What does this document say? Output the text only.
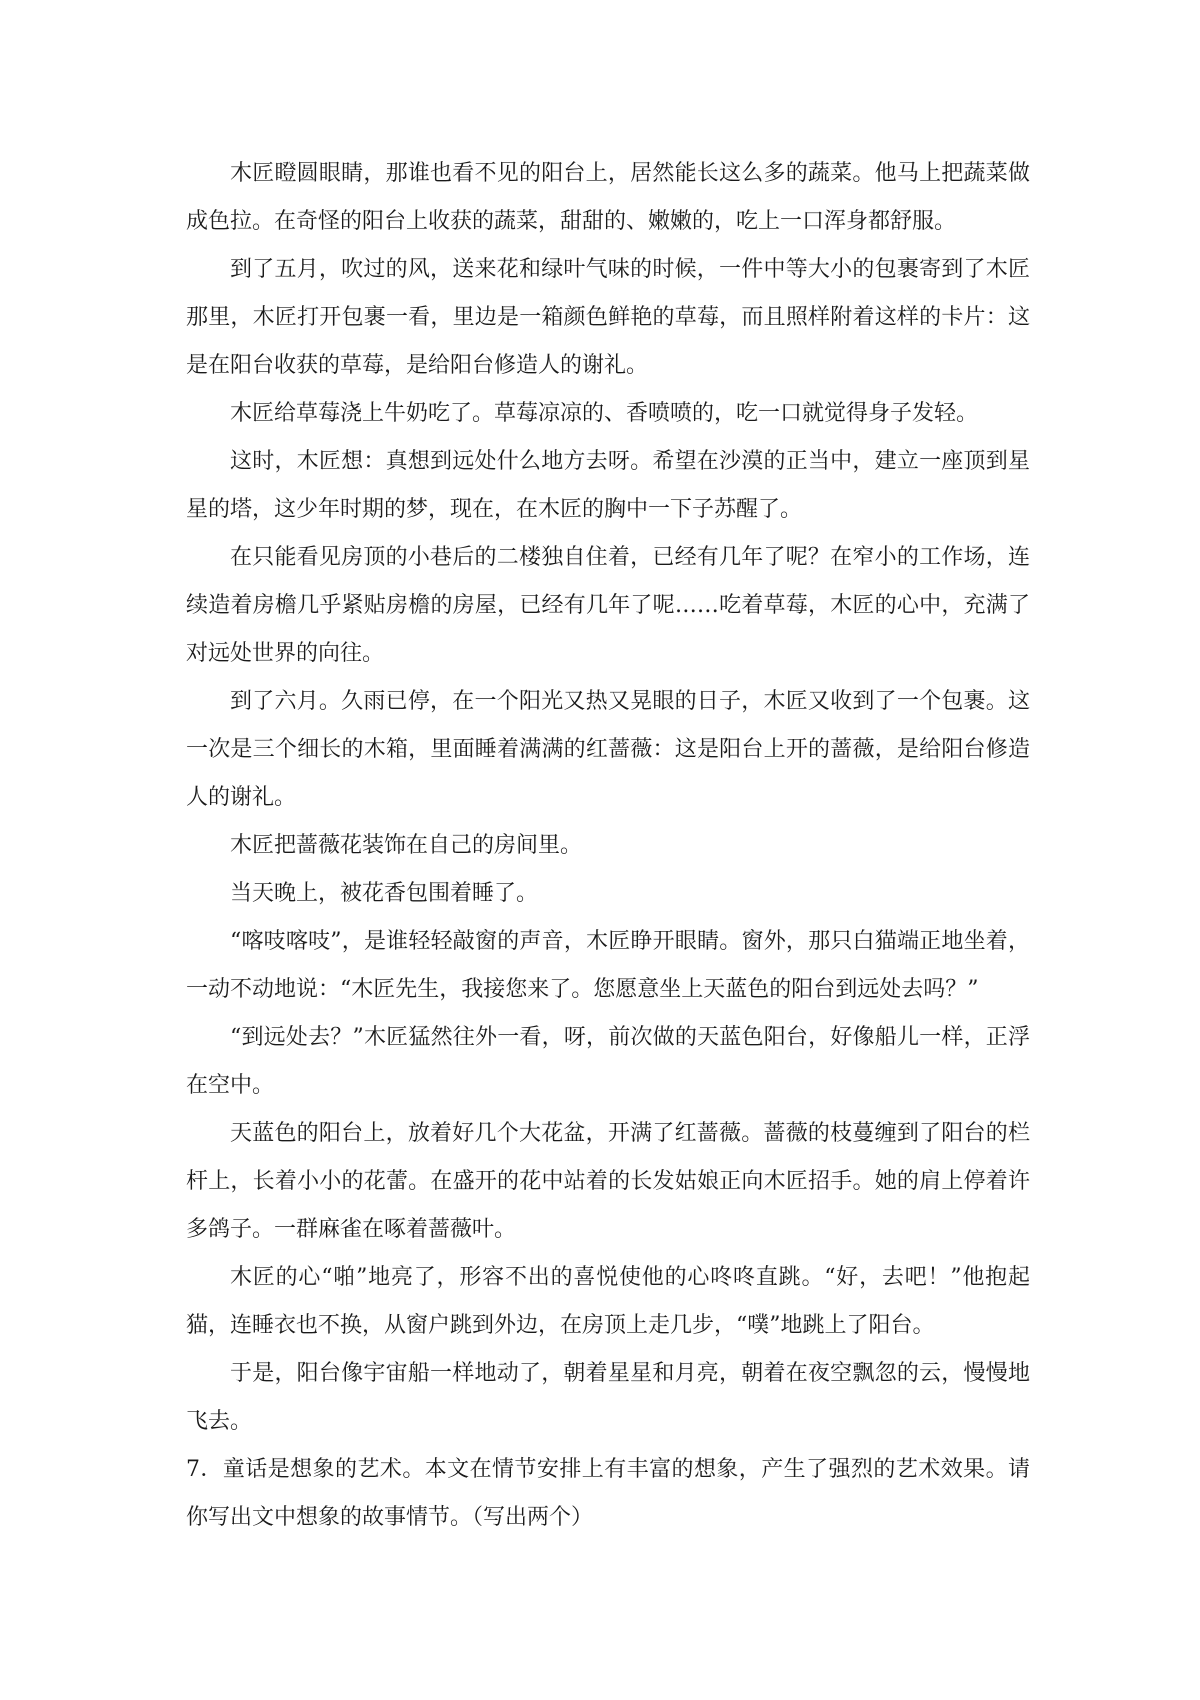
木匠瞪圆眼睛，那谁也看不见的阳台上，居然能长这么多的蔬菜。他马上把蔬菜做成色拉。在奇怪的阳台上收获的蔬菜，甜甜的、嫩嫩的，吃上一口浑身都舒服。

到了五月，吹过的风，送来花和绿叶气味的时候，一件中等大小的包裹寄到了木匠那里，木匠打开包裹一看，里边是一箱颜色鲜艳的草莓，而且照样附着这样的卡片：这是在阳台收获的草莓，是给阳台修造人的谢礼。

木匠给草莓浇上牛奶吃了。草莓凉凉的、香喷喷的，吃一口就觉得身子发轻。

这时，木匠想：真想到远处什么地方去呀。希望在沙漠的正当中，建立一座顶到星星的塔，这少年时期的梦，现在，在木匠的胸中一下子苏醒了。

在只能看见房顶的小巷后的二楼独自住着，已经有几年了呢？在窄小的工作场，连续造着房檐几乎紧贴房檐的房屋，已经有几年了呢……吃着草莓，木匠的心中，充满了对远处世界的向往。

到了六月。久雨已停，在一个阳光又热又晃眼的日子，木匠又收到了一个包裹。这一次是三个细长的木箱，里面睡着满满的红蔷薇：这是阳台上开的蔷薇，是给阳台修造人的谢礼。

木匠把蔷薇花装饰在自己的房间里。

当天晚上，被花香包围着睡了。

“喀吱喀吱”，是谁轻轻敲窗的声音，木匠睁开眼睛。窗外，那只白猫端正地坐着，一动不动地说：“木匠先生，我接您来了。您愿意坐上天蓝色的阳台到远处去吗？”

“到远处去？”木匠猛然往外一看，呀，前次做的天蓝色阳台，好像船儿一样，正浮在空中。

天蓝色的阳台上，放着好几个大花盆，开满了红蔷薇。蔷薇的枝蔓缠到了阳台的栏杆上，长着小小的花蕾。在盛开的花中站着的长发姑娘正向木匠招手。她的肩上停着许多鸽子。一群麻雀在啄着蔷薇叶。

木匠的心“啪”地亮了，形容不出的喜悦使他的心咚咚直跳。“好，去吧！”他抱起猫，连睡衣也不换，从窗户跳到外边，在房顶上走几步，“噗”地跳上了阳台。

于是，阳台像宇宙船一样地动了，朝着星星和月亮，朝着在夜空飘忽的云，慢慢地飞去。

7．童话是想象的艺术。本文在情节安排上有丰富的想象，产生了强烈的艺术效果。请你写出文中想象的故事情节。（写出两个）
